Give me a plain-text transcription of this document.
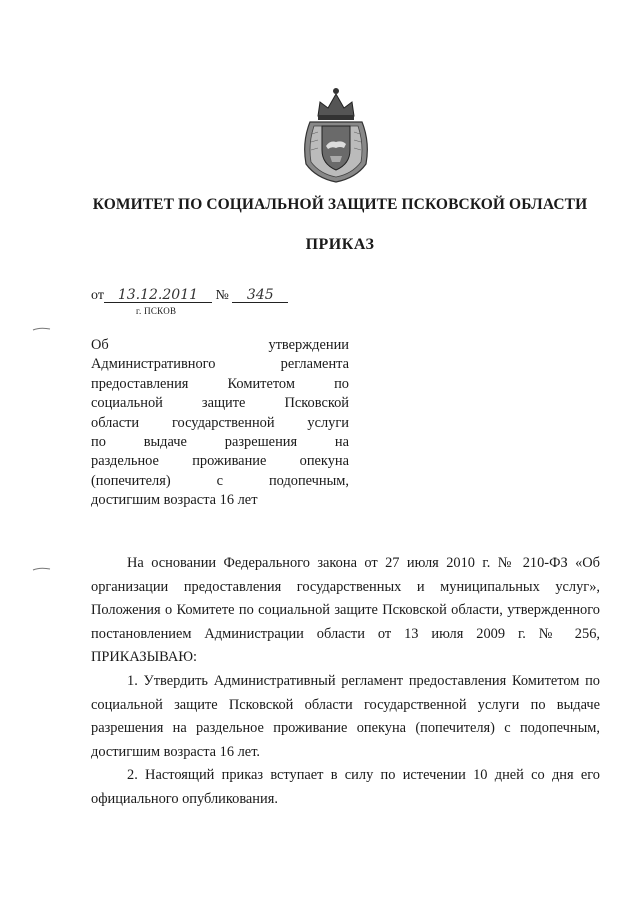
КОМИТЕТ ПО СОЦИАЛЬНОЙ ЗАЩИТЕ ПСКОВСКОЙ ОБЛАСТИ
ПРИКАЗ
от 13.12.2011 № 345
г. ПСКОВ
Об утверждении
Административного регламента
предоставления Комитетом по
социальной защите Псковской
области государственной услуги
по выдаче разрешения на
раздельное проживание опекуна
(попечителя) с подопечным,
достигшим возраста 16 лет

На основании Федерального закона от 27 июля 2010 г. № 210-ФЗ «Об организации предоставления государственных и муниципальных услуг», Положения о Комитете по социальной защите Псковской области, утвержденного постановлением Администрации области от 13 июля 2009 г. № 256, ПРИКАЗЫВАЮ:

1. Утвердить Административный регламент предоставления Комитетом по социальной защите Псковской области государственной услуги по выдаче разрешения на раздельное проживание опекуна (попечителя) с подопечным, достигшим возраста 16 лет.

2. Настоящий приказ вступает в силу по истечении 10 дней со дня его официального опубликования.
